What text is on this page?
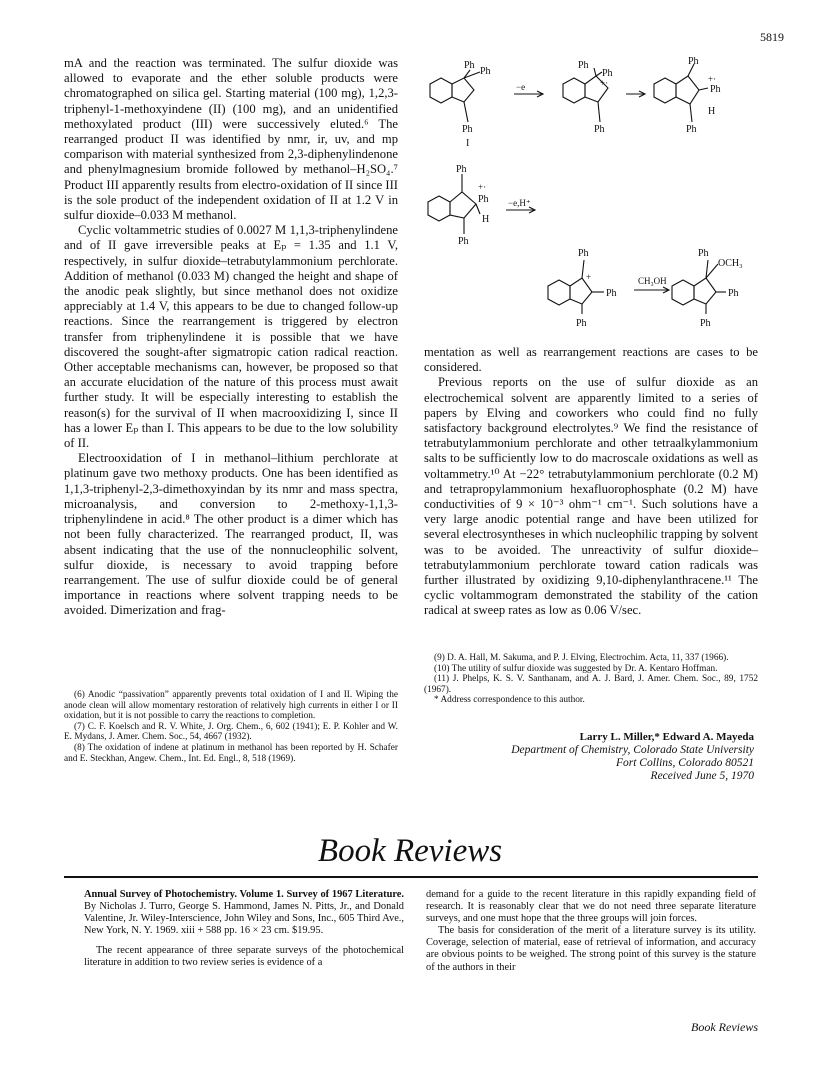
5819

mA and the reaction was terminated. The sulfur dioxide was allowed to evaporate and the ether soluble products were chromatographed on silica gel. Starting material (100 mg), 1,2,3-triphenyl-1-methoxyindene (II) (100 mg), and an unidentified methoxylated product (III) were successively eluted.⁶ The rearranged product II was identified by nmr, ir, uv, and mp comparison with material synthesized from 2,3-diphenylindenone and phenylmagnesium bromide followed by methanol–H₂SO₄.⁷ Product III apparently results from electro-oxidation of II since III is the sole product of the independent oxidation of II at 1.2 V in sulfur dioxide–0.033 M methanol.

Cyclic voltammetric studies of 0.0027 M 1,1,3-triphenylindene and of II gave irreversible peaks at Eₚ = 1.35 and 1.1 V, respectively, in sulfur dioxide–tetrabutylammonium perchlorate. Addition of methanol (0.033 M) changed the height and shape of the anodic peak slightly, but since methanol does not oxidize appreciably at 1.4 V, this appears to be due to changed follow-up reactions. Since the rearrangement is triggered by electron transfer from triphenylindene it is possible that we have discovered the sought-after sigmatropic cation radical reaction. Other acceptable mechanisms can, however, be proposed so that an accurate elucidation of the nature of this process must await further study. It will be especially interesting to establish the reason(s) for the survival of II when macrooxidizing I, since II has a lower Eₚ than I. This appears to be due to the low solubility of II.

Electrooxidation of I in methanol–lithium perchlorate at platinum gave two methoxy products. One has been identified as 1,1,3-triphenyl-2,3-dimethoxyindan by its nmr and mass spectra, microanalysis, and conversion to 2-methoxy-1,1,3-triphenylindene in acid.⁸ The other product is a dimer which has not been fully characterized. The rearranged product, II, was absent indicating that the use of the nonnucleophilic solvent, sulfur dioxide, is necessary to avoid trapping before rearrangement. The use of sulfur dioxide could be of general importance in reactions where solvent trapping needs to be avoided. Dimerization and frag-

(6) Anodic “passivation” apparently prevents total oxidation of I and II. Wiping the anode clean will allow momentary restoration of relatively high currents in either I or II oxidation, but it is not possible to carry the reactions to completion.

(7) C. F. Koelsch and R. V. White, J. Org. Chem., 6, 602 (1941); E. P. Kohler and W. E. Mydans, J. Amer. Chem. Soc., 54, 4667 (1932).

(8) The oxidation of indene at platinum in methanol has been reported by H. Schafer and E. Steckhan, Angew. Chem., Int. Ed. Engl., 8, 518 (1969).

Ph
Ph
Ph
I
−e
Ph
Ph
+·
Ph
Ph
+·
Ph
H
Ph
Ph
+·
Ph
H
Ph
−e,H⁺
Ph
+
Ph
Ph
CH₃OH
Ph
OCH₃
Ph
Ph

mentation as well as rearrangement reactions are cases to be considered.

Previous reports on the use of sulfur dioxide as an electrochemical solvent are apparently limited to a series of papers by Elving and coworkers who could find no fully satisfactory background electrolytes.⁹ We find the resistance of tetrabutylammonium perchlorate and other tetraalkylammonium salts to be sufficiently low to do macroscale oxidations as well as voltammetry.¹⁰ At −22° tetrabutylammonium perchlorate (0.2 M) and tetrapropylammonium hexafluorophosphate (0.2 M) have conductivities of 9 × 10⁻³ ohm⁻¹ cm⁻¹. Such solutions have a very large anodic potential range and have been utilized for several electrosyntheses in which nucleophilic trapping by solvent was to be avoided. The unreactivity of sulfur dioxide–tetrabutylammonium perchlorate toward cation radicals was further illustrated by oxidizing 9,10-diphenylanthracene.¹¹ The cyclic voltammogram demonstrated the stability of the cation radical at sweep rates as low as 0.06 V/sec.

(9) D. A. Hall, M. Sakuma, and P. J. Elving, Electrochim. Acta, 11, 337 (1966).

(10) The utility of sulfur dioxide was suggested by Dr. A. Kentaro Hoffman.

(11) J. Phelps, K. S. V. Santhanam, and A. J. Bard, J. Amer. Chem. Soc., 89, 1752 (1967).

* Address correspondence to this author.

Larry L. Miller,* Edward A. Mayeda
Department of Chemistry, Colorado State University
Fort Collins, Colorado 80521
Received June 5, 1970
Book Reviews

Annual Survey of Photochemistry. Volume 1. Survey of 1967 Literature. By Nicholas J. Turro, George S. Hammond, James N. Pitts, Jr., and Donald Valentine, Jr. Wiley-Interscience, John Wiley and Sons, Inc., 605 Third Ave., New York, N. Y. 1969. xiii + 588 pp. 16 × 23 cm. $19.95.

The recent appearance of three separate surveys of the photochemical literature in addition to two review series is evidence of a

demand for a guide to the recent literature in this rapidly expanding field of research. It is reasonably clear that we do not need three separate literature surveys, and one must hope that the three groups will join forces.

The basis for consideration of the merit of a literature survey is its utility. Coverage, selection of material, ease of retrieval of information, and accuracy are obvious points to be weighed. The strong point of this survey is the stature of the authors in their

Book Reviews
